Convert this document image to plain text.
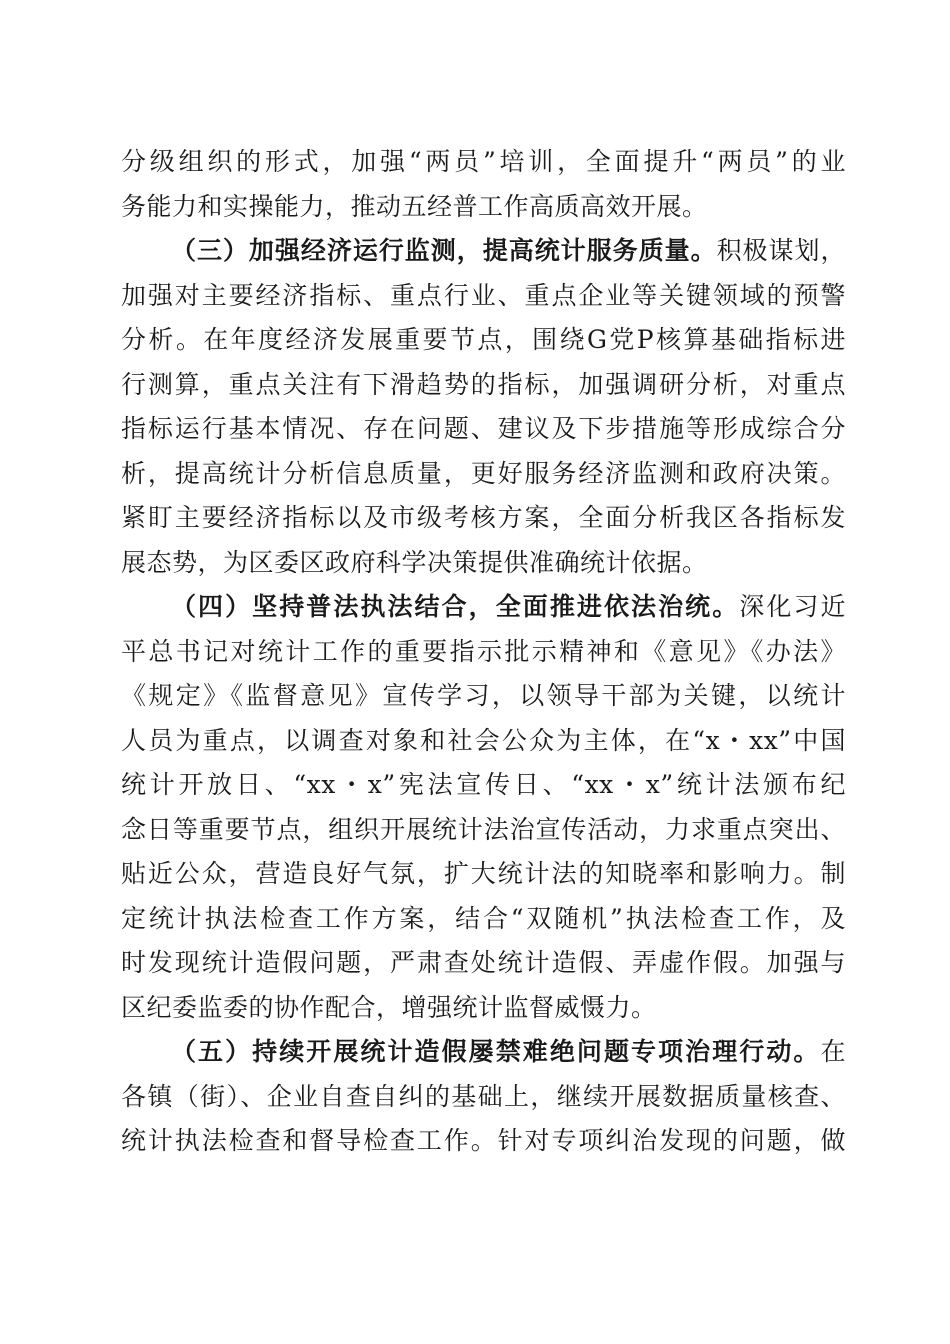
分级组织的形式，加强“两员”培训，全面提升“两员”的业
务能力和实操能力，推动五经普工作高质高效开展。
（三）加强经济运行监测，提高统计服务质量。积极谋划，
加强对主要经济指标、重点行业、重点企业等关键领域的预警
分析。在年度经济发展重要节点，围绕G党P核算基础指标进
行测算，重点关注有下滑趋势的指标，加强调研分析，对重点
指标运行基本情况、存在问题、建议及下步措施等形成综合分
析，提高统计分析信息质量，更好服务经济监测和政府决策。
紧盯主要经济指标以及市级考核方案，全面分析我区各指标发
展态势，为区委区政府科学决策提供准确统计依据。
（四）坚持普法执法结合，全面推进依法治统。深化习近
平总书记对统计工作的重要指示批示精神和《意见》《办法》
《规定》《监督意见》宣传学习，以领导干部为关键，以统计
人员为重点，以调查对象和社会公众为主体，在“x・xx”中国
统计开放日、“xx・x”宪法宣传日、“xx・x”统计法颁布纪
念日等重要节点，组织开展统计法治宣传活动，力求重点突出、
贴近公众，营造良好气氛，扩大统计法的知晓率和影响力。制
定统计执法检查工作方案，结合“双随机”执法检查工作，及
时发现统计造假问题，严肃查处统计造假、弄虚作假。加强与
区纪委监委的协作配合，增强统计监督威慑力。
（五）持续开展统计造假屡禁难绝问题专项治理行动。在
各镇（街）、企业自查自纠的基础上，继续开展数据质量核查、
统计执法检查和督导检查工作。针对专项纠治发现的问题，做
